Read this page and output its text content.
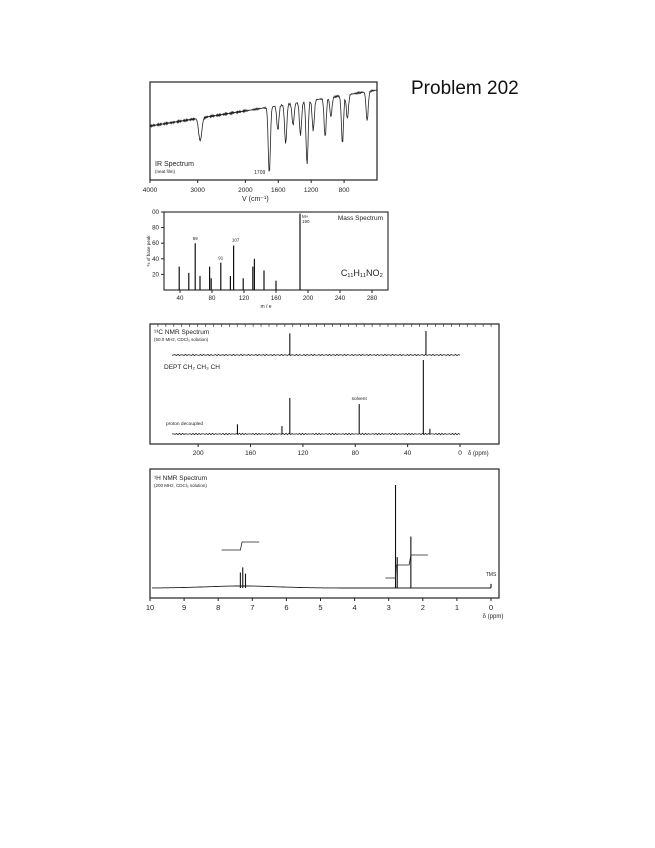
Problem 202
4000	3000	2000	1600	1200	800
V (cm⁻¹)
IR Spectrum
(neat film)	1709
40	80	120	160	200	240	280
20
40
60
80
00
m / e
% of base peak
Mass Spectrum
C₁₁H₁₁NO₂
59	107
91
M+
190
200	160	120	80	40	0 δ (ppm)
¹³C NMR Spectrum
(50.0 MHz, CDCl₃ solution)
DEPT CH₂ CH₃ CH
proton decoupled
solvent
TMS
10	9	8	7	6	5	4	3	2	1	0
δ (ppm)
¹H NMR Spectrum
(200 MHz, CDCl₃ solution)
